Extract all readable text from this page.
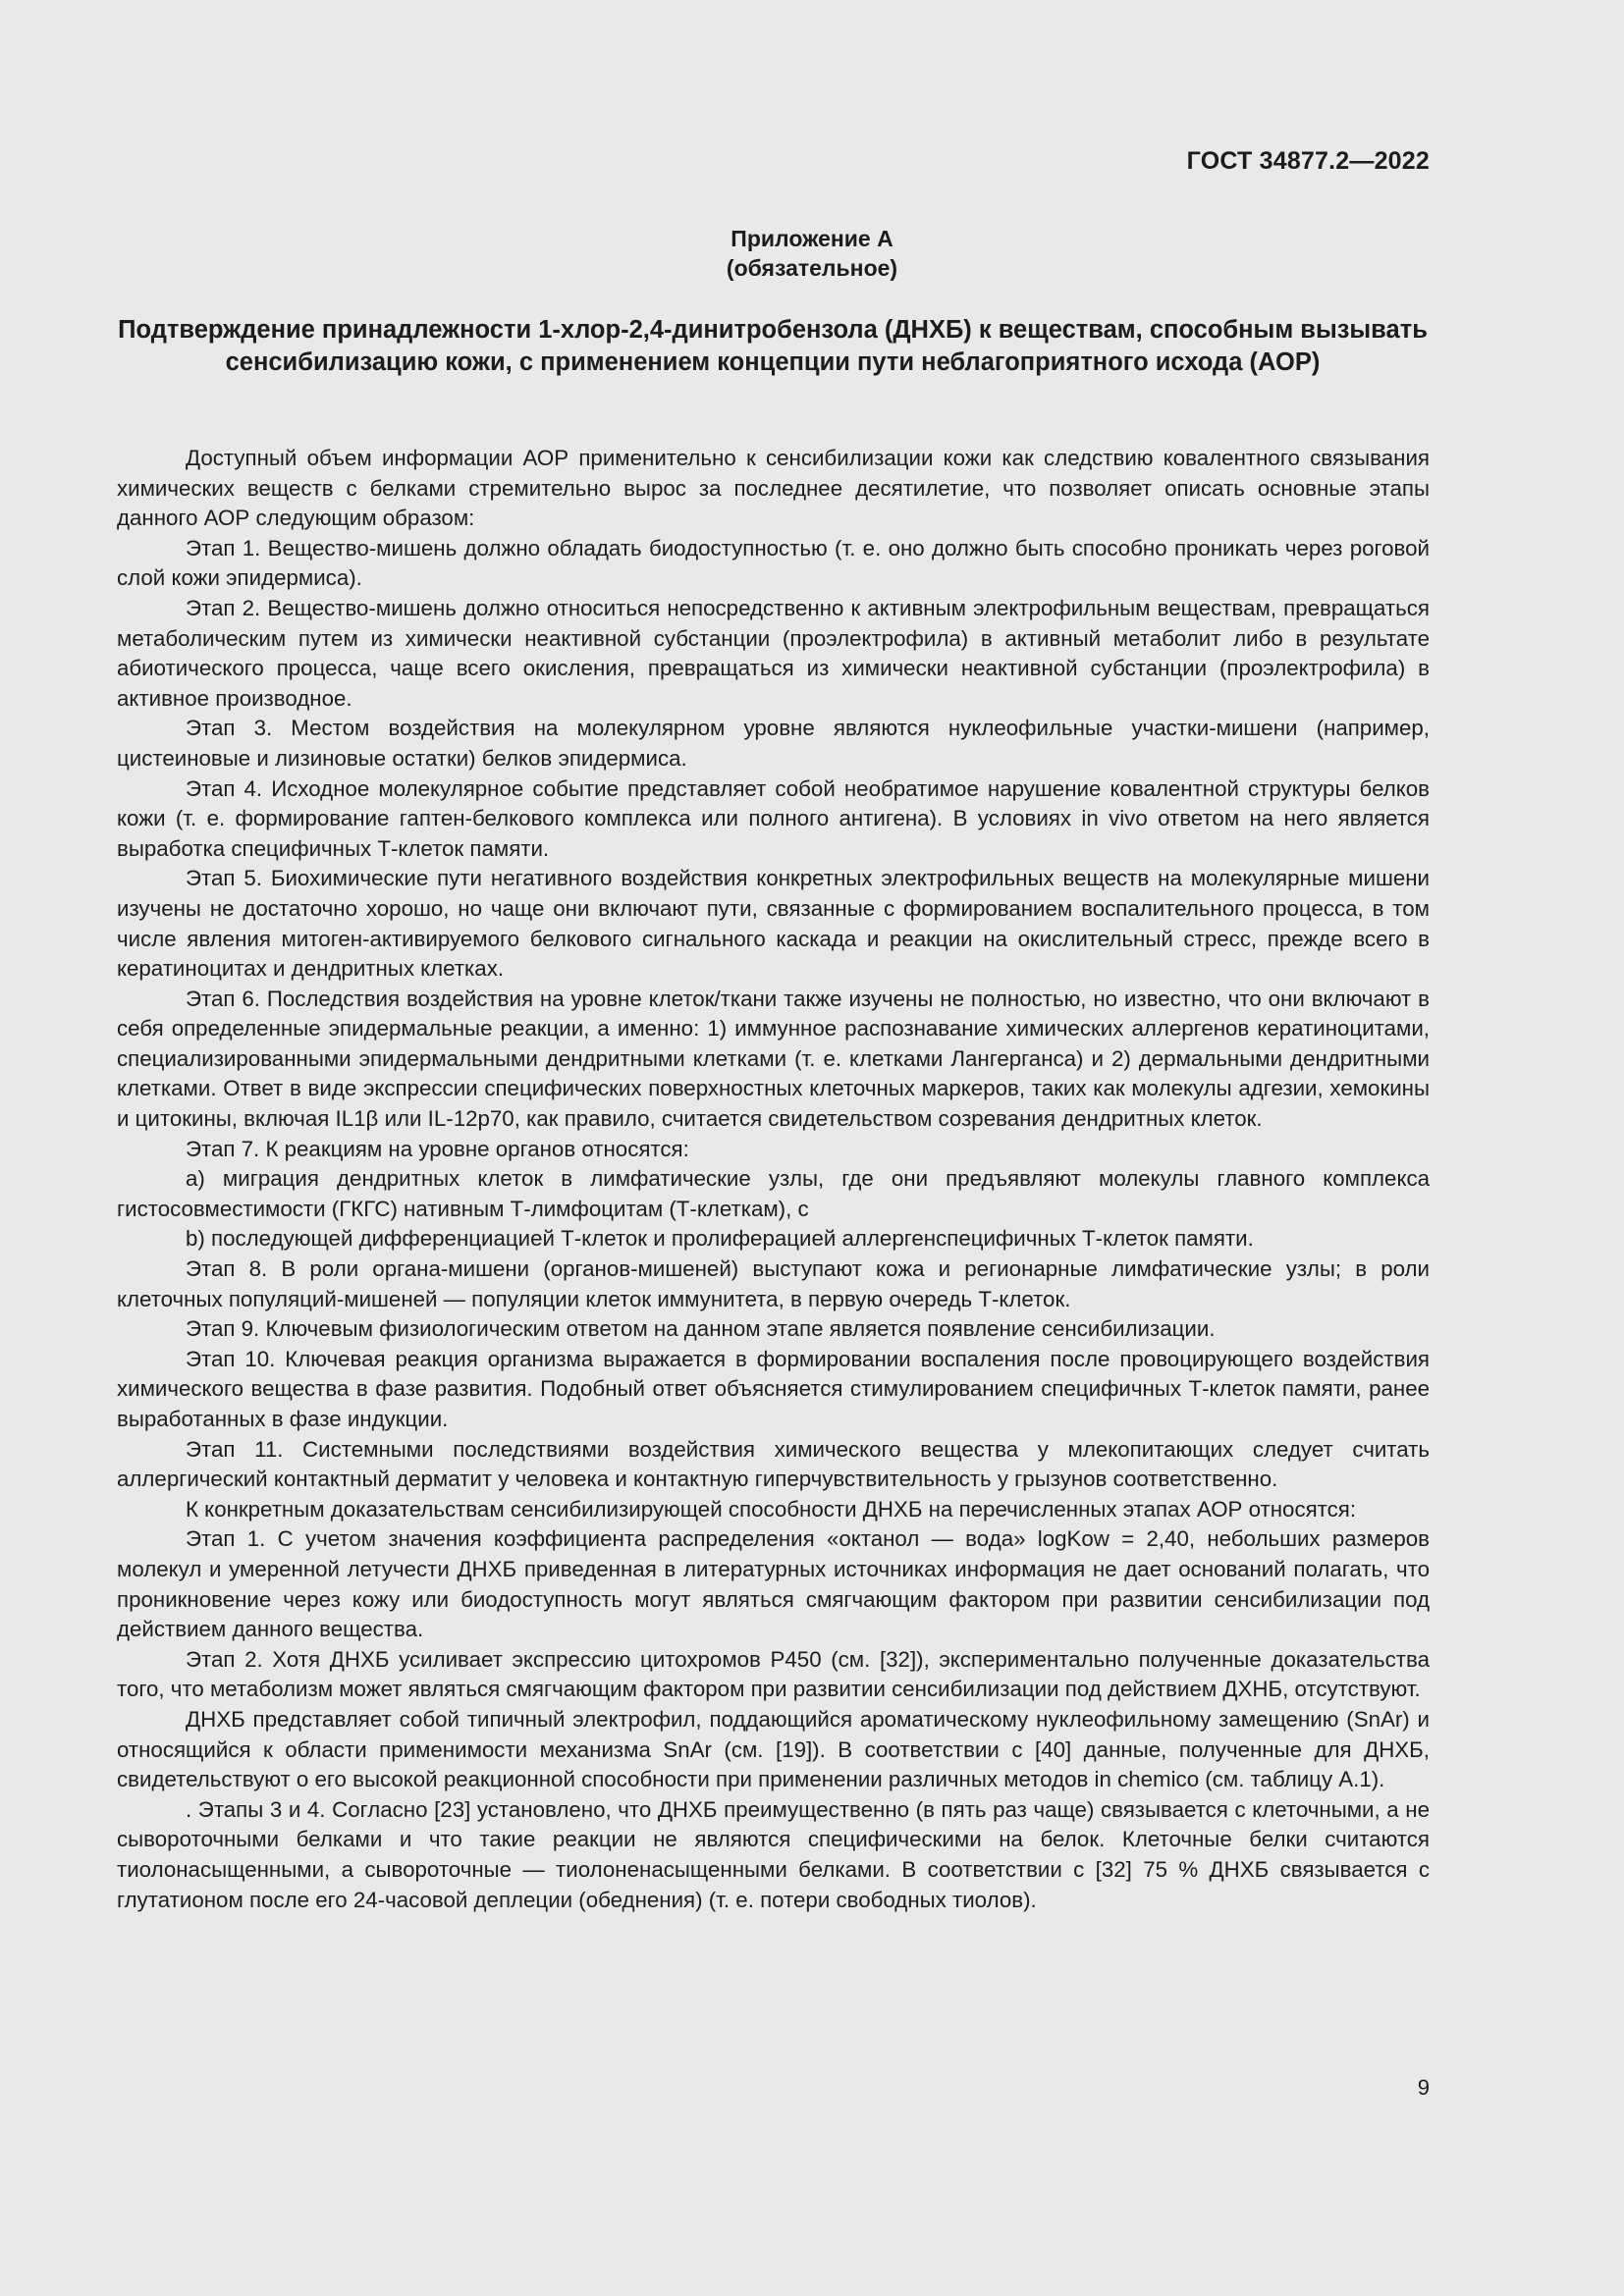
ГОСТ 34877.2—2022
Приложение А
(обязательное)
Подтверждение принадлежности 1-хлор-2,4-динитробензола (ДНХБ) к веществам, способным вызывать сенсибилизацию кожи, с применением концепции пути неблагоприятного исхода (АОР)

Доступный объем информации АОР применительно к сенсибилизации кожи как следствию ковалентного связывания химических веществ с белками стремительно вырос за последнее десятилетие, что позволяет описать основные этапы данного АОР следующим образом:

Этап 1. Вещество-мишень должно обладать биодоступностью (т. е. оно должно быть способно проникать через роговой слой кожи эпидермиса).

Этап 2. Вещество-мишень должно относиться непосредственно к активным электрофильным веществам, превращаться метаболическим путем из химически неактивной субстанции (проэлектрофила) в активный метаболит либо в результате абиотического процесса, чаще всего окисления, превращаться из химически неактивной субстанции (проэлектрофила) в активное производное.

Этап 3. Местом воздействия на молекулярном уровне являются нуклеофильные участки-мишени (например, цистеиновые и лизиновые остатки) белков эпидермиса.

Этап 4. Исходное молекулярное событие представляет собой необратимое нарушение ковалентной структуры белков кожи (т. е. формирование гаптен-белкового комплекса или полного антигена). В условиях in vivo ответом на него является выработка специфичных Т-клеток памяти.

Этап 5. Биохимические пути негативного воздействия конкретных электрофильных веществ на молекулярные мишени изучены не достаточно хорошо, но чаще они включают пути, связанные с формированием воспалительного процесса, в том числе явления митоген-активируемого белкового сигнального каскада и реакции на окислительный стресс, прежде всего в кератиноцитах и дендритных клетках.

Этап 6. Последствия воздействия на уровне клеток/ткани также изучены не полностью, но известно, что они включают в себя определенные эпидермальные реакции, а именно: 1) иммунное распознавание химических аллергенов кератиноцитами, специализированными эпидермальными дендритными клетками (т. е. клетками Лангерганса) и 2) дермальными дендритными клетками. Ответ в виде экспрессии специфических поверхностных клеточных маркеров, таких как молекулы адгезии, хемокины и цитокины, включая IL1β или IL-12p70, как правило, считается свидетельством созревания дендритных клеток.

Этап 7. К реакциям на уровне органов относятся:

a) миграция дендритных клеток в лимфатические узлы, где они предъявляют молекулы главного комплекса гистосовместимости (ГКГС) нативным Т-лимфоцитам (Т-клеткам), с

b) последующей дифференциацией Т-клеток и пролиферацией аллергенспецифичных Т-клеток памяти.

Этап 8. В роли органа-мишени (органов-мишеней) выступают кожа и регионарные лимфатические узлы; в роли клеточных популяций-мишеней — популяции клеток иммунитета, в первую очередь Т-клеток.

Этап 9. Ключевым физиологическим ответом на данном этапе является появление сенсибилизации.

Этап 10. Ключевая реакция организма выражается в формировании воспаления после провоцирующего воздействия химического вещества в фазе развития. Подобный ответ объясняется стимулированием специфичных Т-клеток памяти, ранее выработанных в фазе индукции.

Этап 11. Системными последствиями воздействия химического вещества у млекопитающих следует считать аллергический контактный дерматит у человека и контактную гиперчувствительность у грызунов соответственно.

К конкретным доказательствам сенсибилизирующей способности ДНХБ на перечисленных этапах АОР относятся:

Этап 1. С учетом значения коэффициента распределения «октанол — вода» logKow = 2,40, небольших размеров молекул и умеренной летучести ДНХБ приведенная в литературных источниках информация не дает оснований полагать, что проникновение через кожу или биодоступность могут являться смягчающим фактором при развитии сенсибилизации под действием данного вещества.

Этап 2. Хотя ДНХБ усиливает экспрессию цитохромов Р450 (см. [32]), экспериментально полученные доказательства того, что метаболизм может являться смягчающим фактором при развитии сенсибилизации под действием ДХНБ, отсутствуют.

ДНХБ представляет собой типичный электрофил, поддающийся ароматическому нуклеофильному замещению (SnAr) и относящийся к области применимости механизма SnAr (см. [19]). В соответствии с [40] данные, полученные для ДНХБ, свидетельствуют о его высокой реакционной способности при применении различных методов in chemico (см. таблицу А.1).

. Этапы 3 и 4. Согласно [23] установлено, что ДНХБ преимущественно (в пять раз чаще) связывается с клеточными, а не сывороточными белками и что такие реакции не являются специфическими на белок. Клеточные белки считаются тиолонасыщенными, а сывороточные — тиолоненасыщенными белками. В соответствии с [32] 75 % ДНХБ связывается с глутатионом после его 24-часовой деплеции (обеднения) (т. е. потери свободных тиолов).

9
